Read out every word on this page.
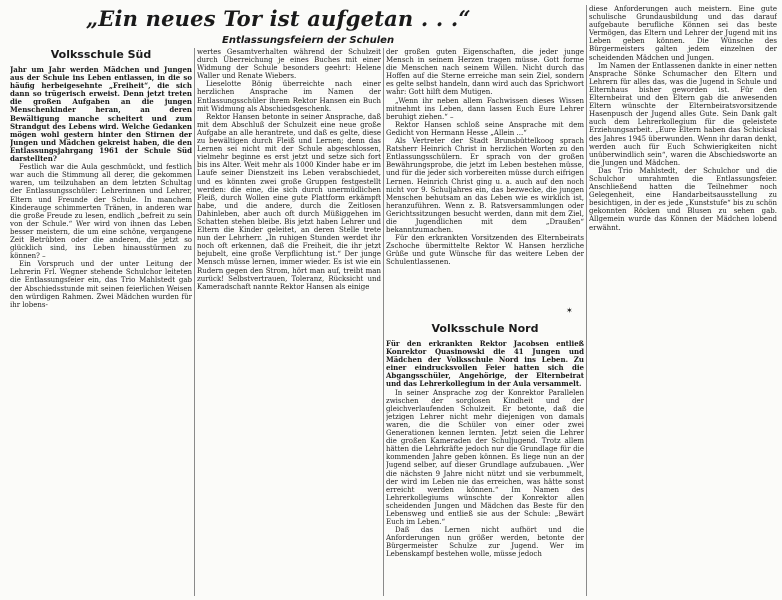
„Ein neues Tor ist aufgetan . . .“
Entlassungsfeiern der Schulen
Volksschule Süd

Jahr um Jahr werden Mädchen und Jungen aus der Schule ins Leben entlassen, in die so häufig herbeigesehnte „Freiheit“, die sich dann so trügerisch erweist. Denn jetzt treten die großen Aufgaben an die jungen Menschenkinder heran, an deren Bewältigung manche scheitert und zum Strandgut des Lebens wird. Welche Gedanken mögen wohl gestern hinter den Stirnen der Jungen und Mädchen gekreist haben, die den Entlassungsjahrgang 1961 der Schule Süd darstellten?

Festlich war die Aula geschmückt, und festlich war auch die Stimmung all derer, die gekommen waren, um teilzuhaben an dem letzten Schultag der Entlassungsschüler: Lehrerinnen und Lehrer, Eltern und Freunde der Schule. In manchem Kinderauge schimmerten Tränen, in anderen war die große Freude zu lesen, endlich „befreit zu sein von der Schule.“ Wer wird von ihnen das Leben besser meistern, die um eine schöne, vergangene Zeit Betrübten oder die anderen, die jetzt so glücklich sind, ins Leben hinausstürmen zu können? –

Ein Vorspruch und der unter Leitung der Lehrerin Frl. Wegner stehende Schulchor leiteten die Entlassungsfeier ein, das Trio Mahlstedt gab der Abschiedsstunde mit seinen feierlichen Weisen den würdigen Rahmen. Zwei Mädchen wurden für ihr lobens-

wertes Gesamtverhalten während der Schulzeit durch Überreichung je eines Buches mit einer Widmung der Schule besonders geehrt: Helene Waller und Renate Wiebers.

Lieselotte Bönig überreichte nach einer herzlichen Ansprache im Namen der Entlassungsschüler ihrem Rektor Hansen ein Buch mit Widmung als Abschiedsgeschenk.

Rektor Hansen betonte in seiner Ansprache, daß mit dem Abschluß der Schulzeit eine neue große Aufgabe an alle herantrete, und daß es gelte, diese zu bewältigen durch Fleiß und Lernen; denn das Lernen sei nicht mit der Schule abgeschlossen, vielmehr beginne es erst jetzt und setze sich fort bis ins Alter. Weit mehr als 1000 Kinder habe er im Laufe seiner Dienstzeit ins Leben verabschiedet, und es könnten zwei große Gruppen festgestellt werden: die eine, die sich durch unermüdlichen Fleiß, durch Wollen eine gute Plattform erkämpft habe, und die andere, durch die Zeitlosen Dahinleben, aber auch oft durch Müßiggehen im Schatten stehen bleibe. Bis jetzt haben Lehrer und Eltern die Kinder geleitet, an deren Stelle trete nun der Lehrherr. „In ruhigen Stunden werdet ihr noch oft erkennen, daß die Freiheit, die ihr jetzt bejubelt, eine große Verpflichtung ist.“ Der junge Mensch müsse lernen, immer wieder. Es ist wie ein Rudern gegen den Strom, hört man auf, treibt man zurück! Selbstvertrauen, Toleranz, Rücksicht und Kameradschaft nannte Rektor Hansen als einige

der großen guten Eigenschaften, die jeder junge Mensch in seinem Herzen tragen müsse. Gott forme die Menschen nach seinem Willen. Nicht durch das Hoffen auf die Sterne erreiche man sein Ziel, sondern es gelte selbst handeln, dann wird auch das Sprichwort wahr: Gott hilft dem Mutigen.

„Wenn ihr neben allem Fachwissen dieses Wissen mitnehmt ins Leben, dann lassen Euch Eure Lehrer beruhigt ziehen.“ –

Rektor Hansen schloß seine Ansprache mit dem Gedicht von Hermann Hesse „Allein ...“

Als Vertreter der Stadt Brunsbüttelkoog sprach Ratsherr Heinrich Christ in herzlichen Worten zu den Entlassungsschülern. Er sprach von der großen Bewährungsprobe, die jetzt im Leben bestehen müsse, und für die jeder sich vorbereiten müsse durch eifrigen Lernen. Heinrich Christ ging u. a. auch auf den noch nicht vor 9. Schuljahres ein, das bezwecke, die jungen Menschen behutsam an das Leben wie es wirklich ist, heranzuführen. Wenn z. B. Ratsversammlungen oder Gerichtssitzungen besucht werden, dann mit dem Ziel, die Jugendlichen mit dem „Draußen“ bekanntzumachen.

Für den erkrankten Vorsitzenden des Elternbeirats Zschoche übermittelte Rektor W. Hansen herzliche Grüße und gute Wünsche für das weitere Leben der Schulentlassenen.

✶
Volksschule Nord

Für den erkrankten Rektor Jacobsen entließ Konrektor Quasinowski die 41 Jungen und Mädchen der Volksschule Nord ins Leben. Zu einer eindrucksvollen Feier hatten sich die Abgangsschüler, Angehörige, der Elternbeirat und das Lehrerkollegium in der Aula versammelt.

In seiner Ansprache zog der Konrektor Parallelen zwischen der sorglosen Kindheit und der gleichverlaufenden Schulzeit. Er betonte, daß die jetzigen Lehrer nicht mehr diejenigen von damals waren, die die Schüler von einer oder zwei Generationen kennen lernten. Jetzt seien die Lehrer die großen Kameraden der Schuljugend. Trotz allem hätten die Lehrkräfte jedoch nur die Grundlage für die kommenden Jahre geben können. Es liege nun an der Jugend selber, auf dieser Grundlage aufzubauen. „Wer die nächsten 9 Jahre nicht nützt und sie verbummelt, der wird im Leben nie das erreichen, was hätte sonst erreicht werden können.“ Im Namen des Lehrerkollegiums wünschte der Konrektor allen scheidenden Jungen und Mädchen das Beste für den Lebensweg und entließ sie aus der Schule: „Bewärt Euch im Leben.“

Daß das Lernen nicht aufhört und die Anforderungen nun größer werden, betonte der Bürgermeister Schulze zur Jugend. Wer im Lebenskampf bestehen wolle, müsse jedoch

diese Anforderungen auch meistern. Eine gute schulische Grundausbildung und das darauf aufgebaute berufliche Können sei das beste Vermögen, das Eltern und Lehrer der Jugend mit ins Leben geben können. Die Wünsche des Bürgermeisters galten jedem einzelnen der scheidenden Mädchen und Jungen.

Im Namen der Entlassenen dankte in einer netten Ansprache Sönke Schumacher den Eltern und Lehrern für alles das, was die Jugend in Schule und Elternhaus bisher geworden ist. Für den Elternbeirat und den Eltern gab die anwesenden Eltern wünschte der Elternbeiratsvorsitzende Hasenpusch der Jugend alles Gute. Sein Dank galt auch dem Lehrerkollegium für die geleistete Erziehungsarbeit. „Eure Eltern haben das Schicksal des Jahres 1945 überwunden. Wenn ihr daran denkt, werden auch für Euch Schwierigkeiten nicht unüberwindlich sein“, waren die Abschiedsworte an die Jungen und Mädchen.

Das Trio Mahlstedt, der Schulchor und die Schulchor umrahmten die Entlassungsfeier. Anschließend hatten die Teilnehmer noch Gelegenheit, eine Handarbeitsausstellung zu besichtigen, in der es jede „Kunststufe“ bis zu schön gekonnten Röcken und Blusen zu sehen gab. Allgemein wurde das Können der Mädchen lobend erwähnt.
